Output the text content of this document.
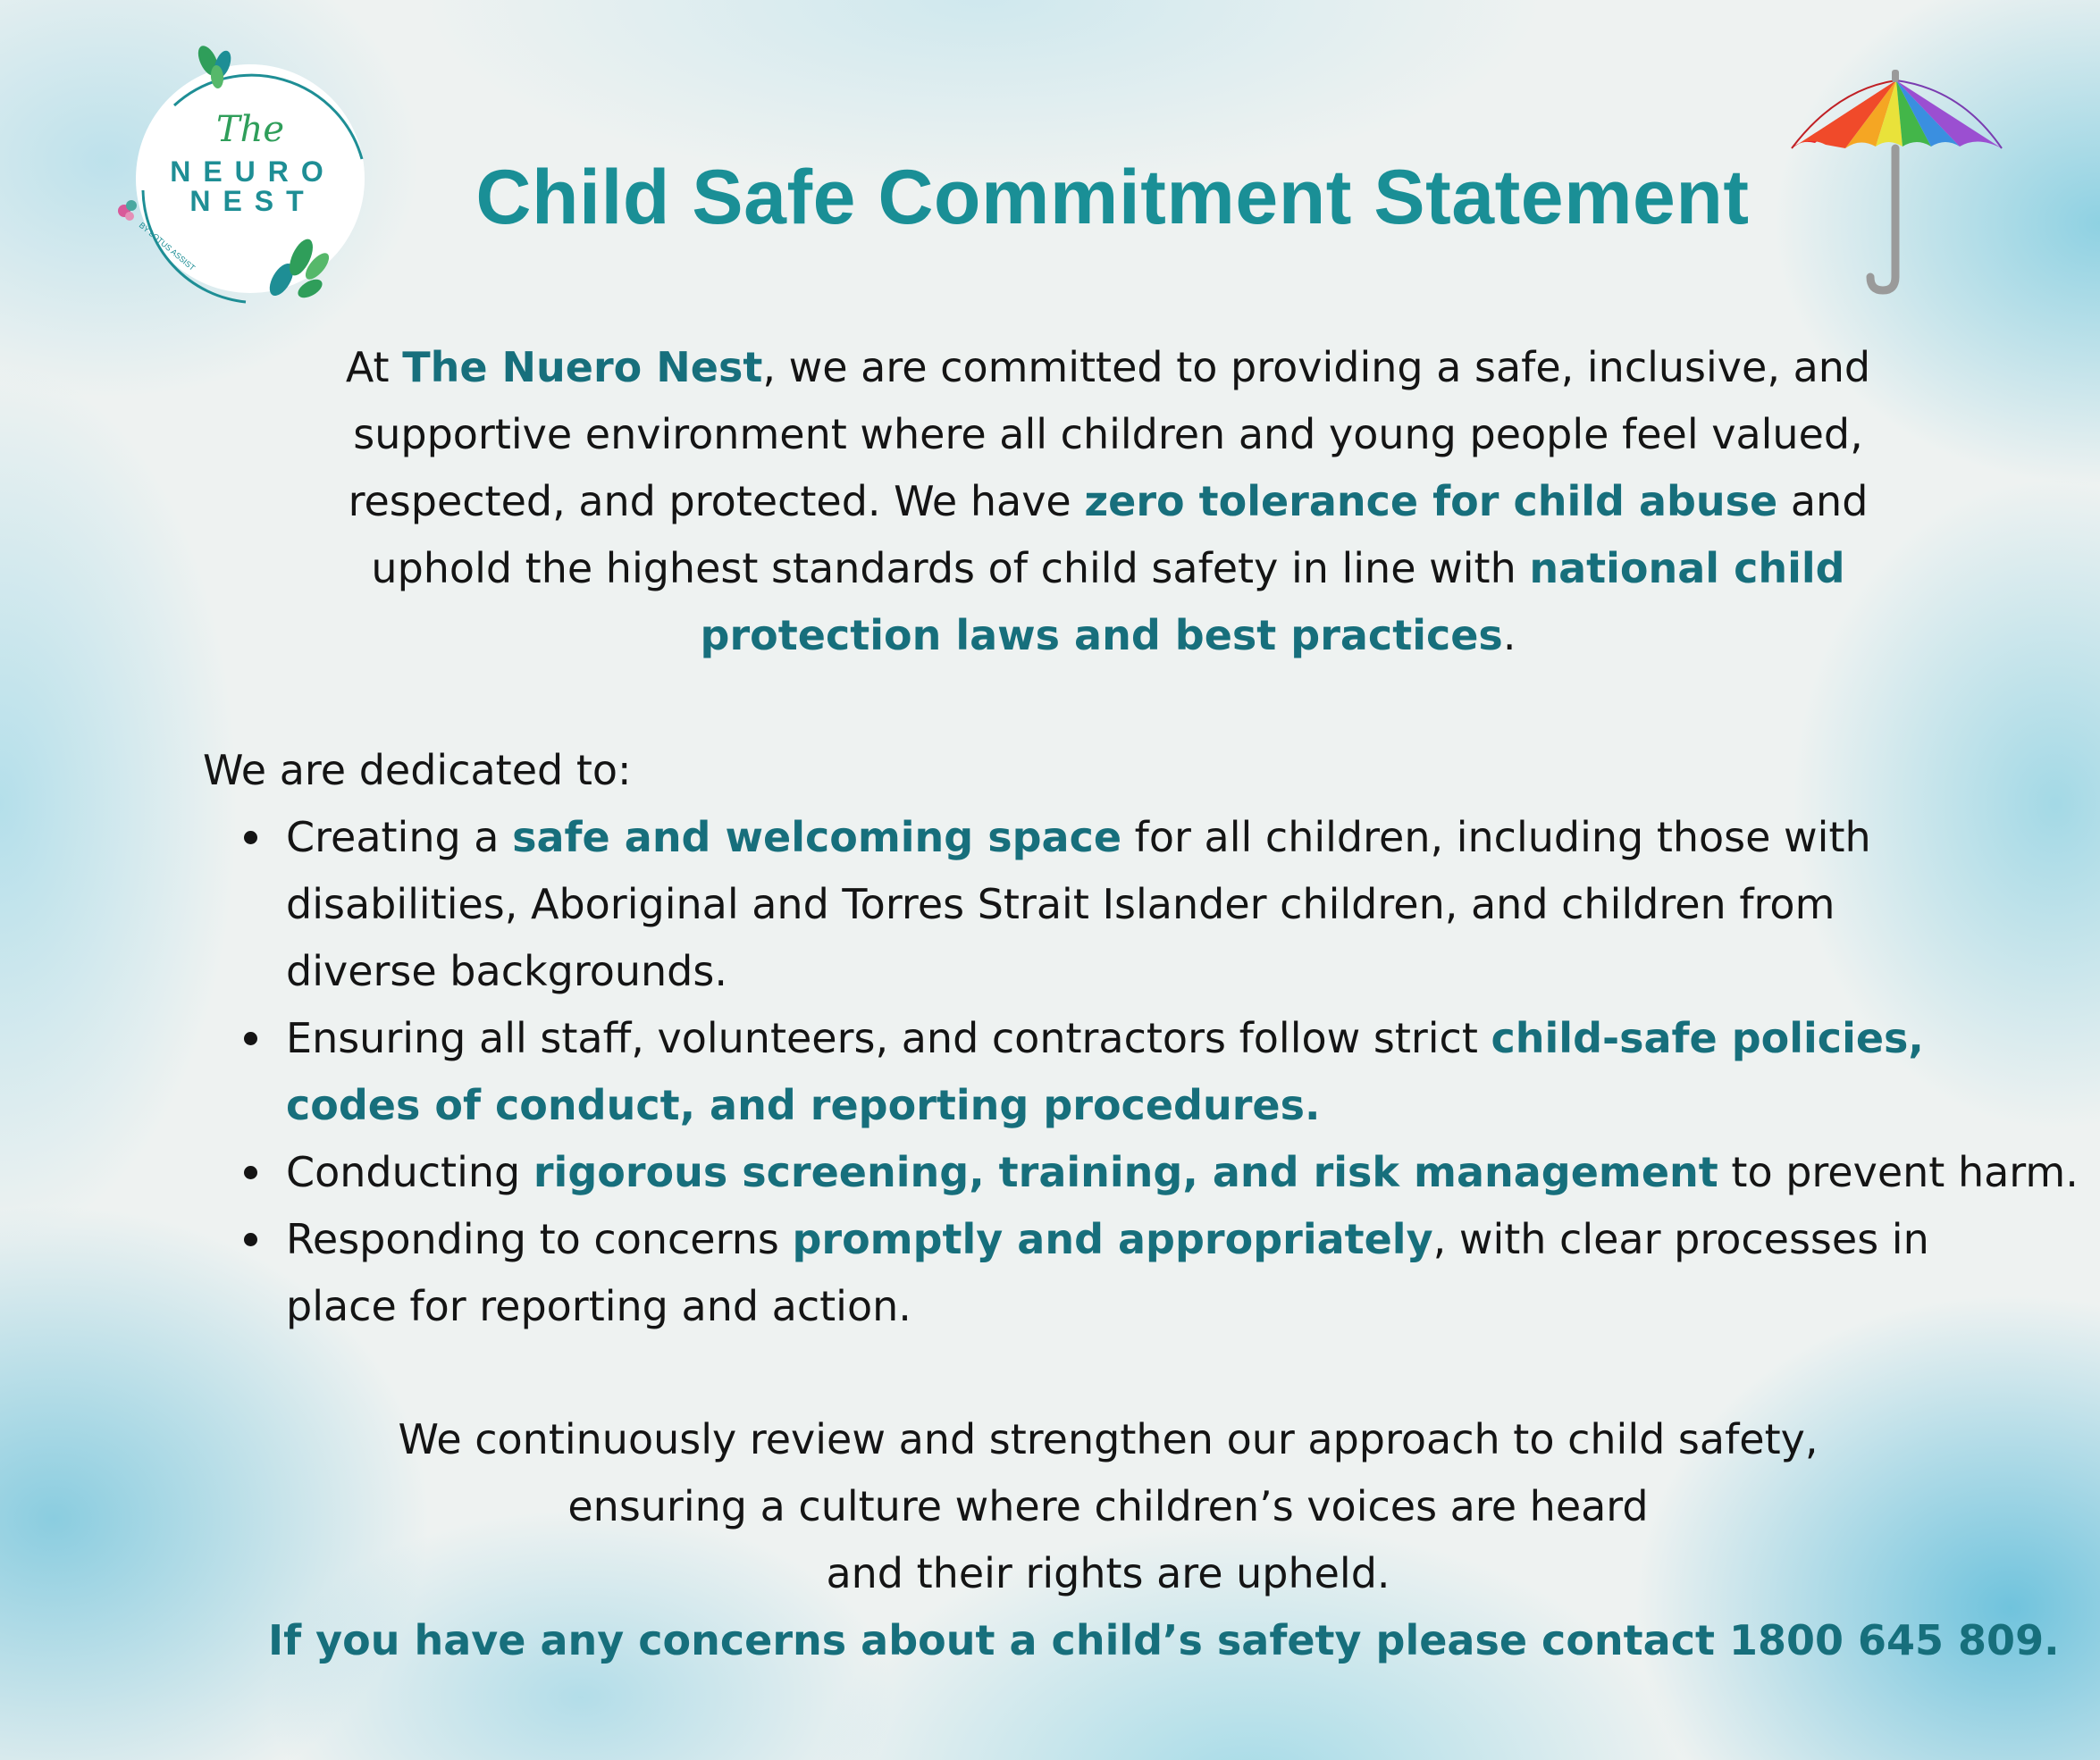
The
NEURO
NEST
BY LOTUS ASSIST
Child Safe Commitment Statement
At The Nuero Nest, we are committed to providing a safe, inclusive, and
supportive environment where all children and young people feel valued,
respected, and protected. We have zero tolerance for child abuse and
uphold the highest standards of child safety in line with national child
protection laws and best practices.
We are dedicated to:
Creating a safe and welcoming space for all children, including those with
disabilities, Aboriginal and Torres Strait Islander children, and children from
diverse backgrounds.
Ensuring all staff, volunteers, and contractors follow strict child-safe policies,
codes of conduct, and reporting procedures.
Conducting rigorous screening, training, and risk management to prevent harm.
Responding to concerns promptly and appropriately, with clear processes in
place for reporting and action.
We continuously review and strengthen our approach to child safety,
ensuring a culture where children’s voices are heard
and their rights are upheld.
If you have any concerns about a child’s safety please contact 1800 645 809.
